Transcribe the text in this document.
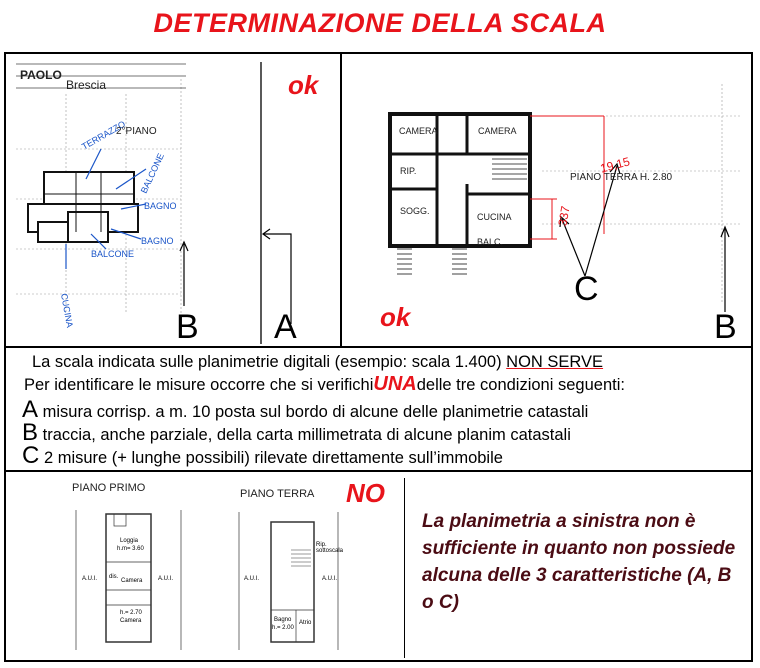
DETERMINAZIONE DELLA SCALA
TERRAZZO
BALCONE
BAGNO
BAGNO
BALCONE
CUCINA
PAOLO
Brescia
2°PIANO
ok
B A
CAMERA	CAMERA
RIP.
SOGG.
CUCINA
BALC.
PIANO TERRA H. 2.80
19,15
337
C
B
ok
La scala indicata sulle planimetrie digitali (esempio: scala 1.400) NON SERVE
Per identificare le misure occorre che si verifichiUNAdelle tre condizioni seguenti:
A misura corrisp. a m. 10 posta sul bordo di alcune delle planimetrie catastali
B traccia, anche parziale, della carta millimetrata di alcune planim catastali
C 2 misure (+ lunghe possibili) rilevate direttamente sull’immobile
PIANO PRIMO	PIANO TERRA NO
Loggia
h.m= 3.60
dis.
Camera
h.= 2.70
Camera
A.U.I.	A.U.I.
Rip. sottoscala
Bagno
h.= 2.00
Atrio
A.U.I.	A.U.I.
La planimetria a sinistra non è sufficiente in quanto non possiede alcuna delle 3 caratteristiche (A, B o C)
